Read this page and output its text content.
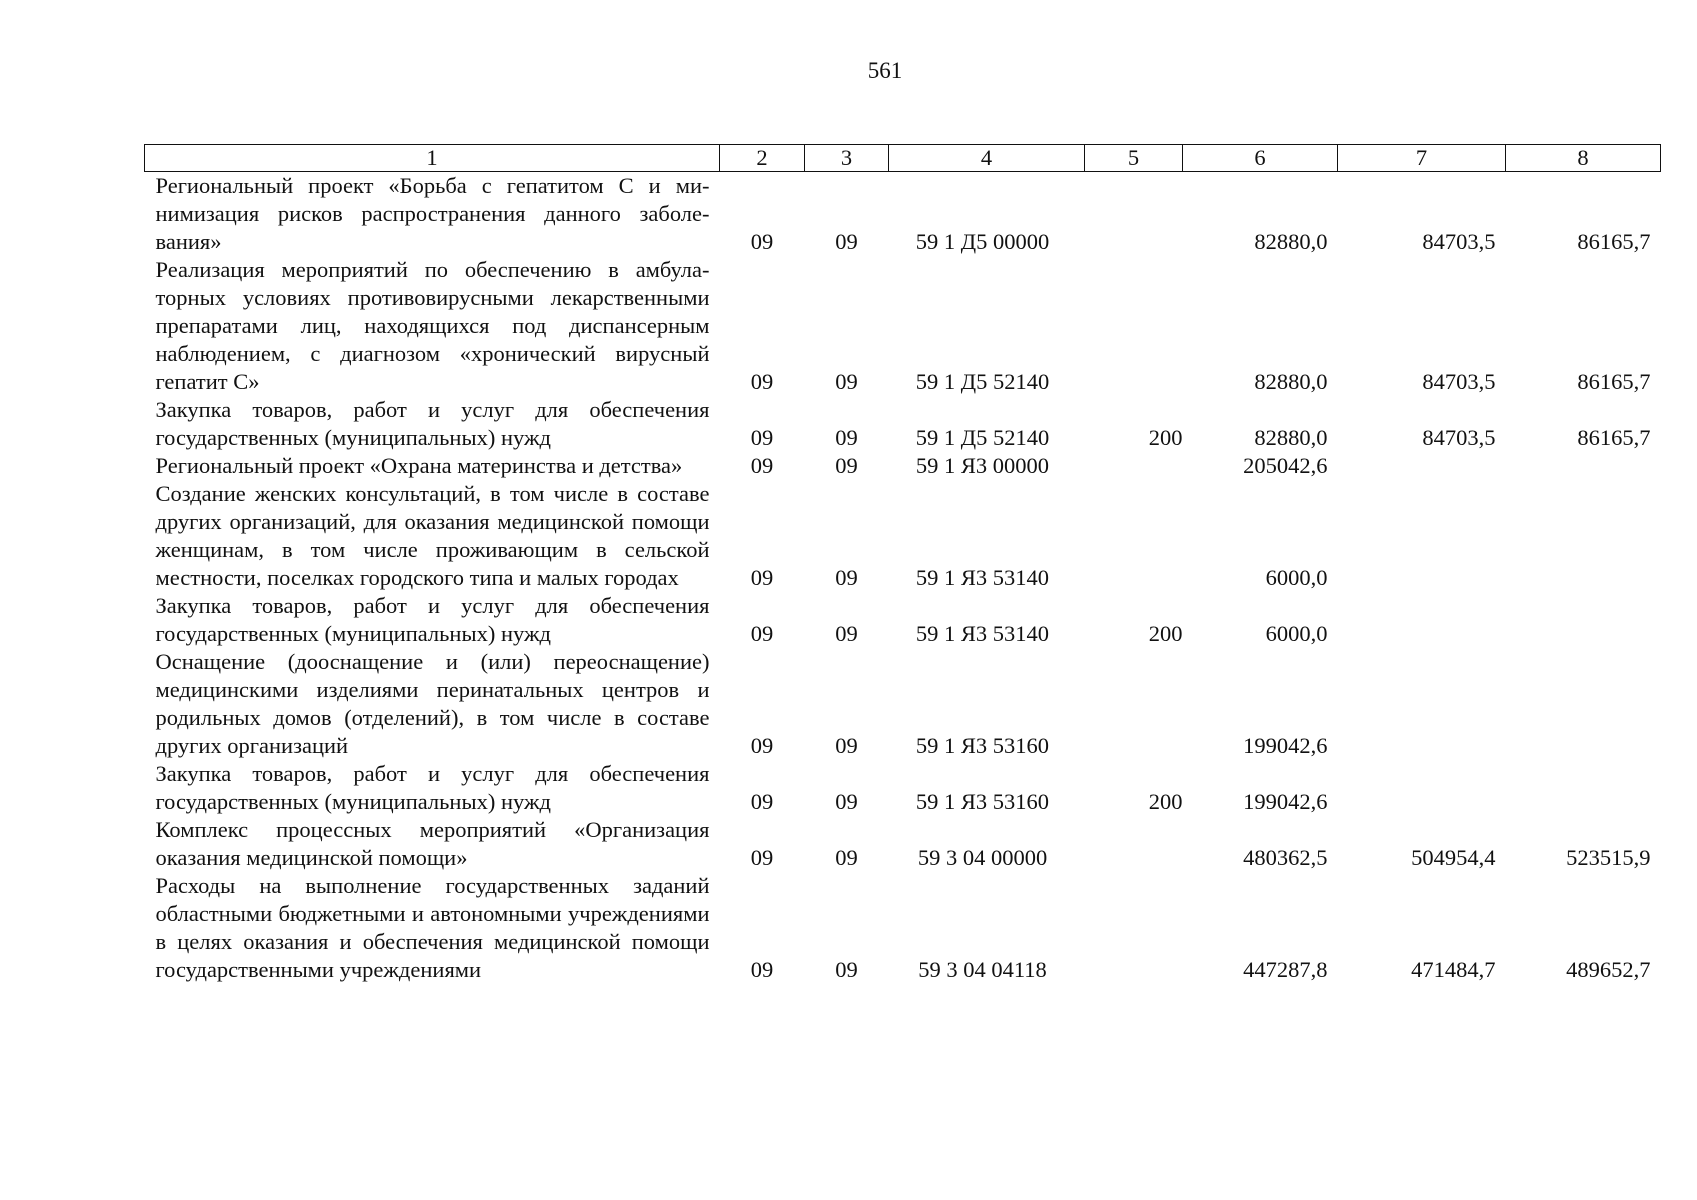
561
1	2	3	4	5	6	7	8
Региональный проект «Борьба с гепатитом С и минимизация рисков распространения данного заболевания»	09	09	59 1 Д5 00000		82880,0	84703,5	86165,7
Реализация мероприятий по обеспечению в амбулаторных условиях противовирусными лекарственными препаратами лиц, находящихся под диспансерным наблюдением, с диагнозом «хронический вирусный гепатит С»	09	09	59 1 Д5 52140		82880,0	84703,5	86165,7
Закупка товаров, работ и услуг для обеспечения государственных (муниципальных) нужд	09	09	59 1 Д5 52140	200	82880,0	84703,5	86165,7
Региональный проект «Охрана материнства и детства»	09	09	59 1 Я3 00000		205042,6		
Создание женских консультаций, в том числе в составе других организаций, для оказания медицинской помощи женщинам, в том числе проживающим в сельской местности, поселках городского типа и малых городах	09	09	59 1 Я3 53140		6000,0		
Закупка товаров, работ и услуг для обеспечения государственных (муниципальных) нужд	09	09	59 1 Я3 53140	200	6000,0		
Оснащение (дооснащение и (или) переоснащение) медицинскими изделиями перинатальных центров и родильных домов (отделений), в том числе в составе других организаций	09	09	59 1 Я3 53160		199042,6		
Закупка товаров, работ и услуг для обеспечения государственных (муниципальных) нужд	09	09	59 1 Я3 53160	200	199042,6		
Комплекс процессных мероприятий «Организация оказания медицинской помощи»	09	09	59 3 04 00000		480362,5	504954,4	523515,9
Расходы на выполнение государственных заданий областными бюджетными и автономными учреждениями в целях оказания и обеспечения медицинской помощи государственными учреждениями	09	09	59 3 04 04118		447287,8	471484,7	489652,7
